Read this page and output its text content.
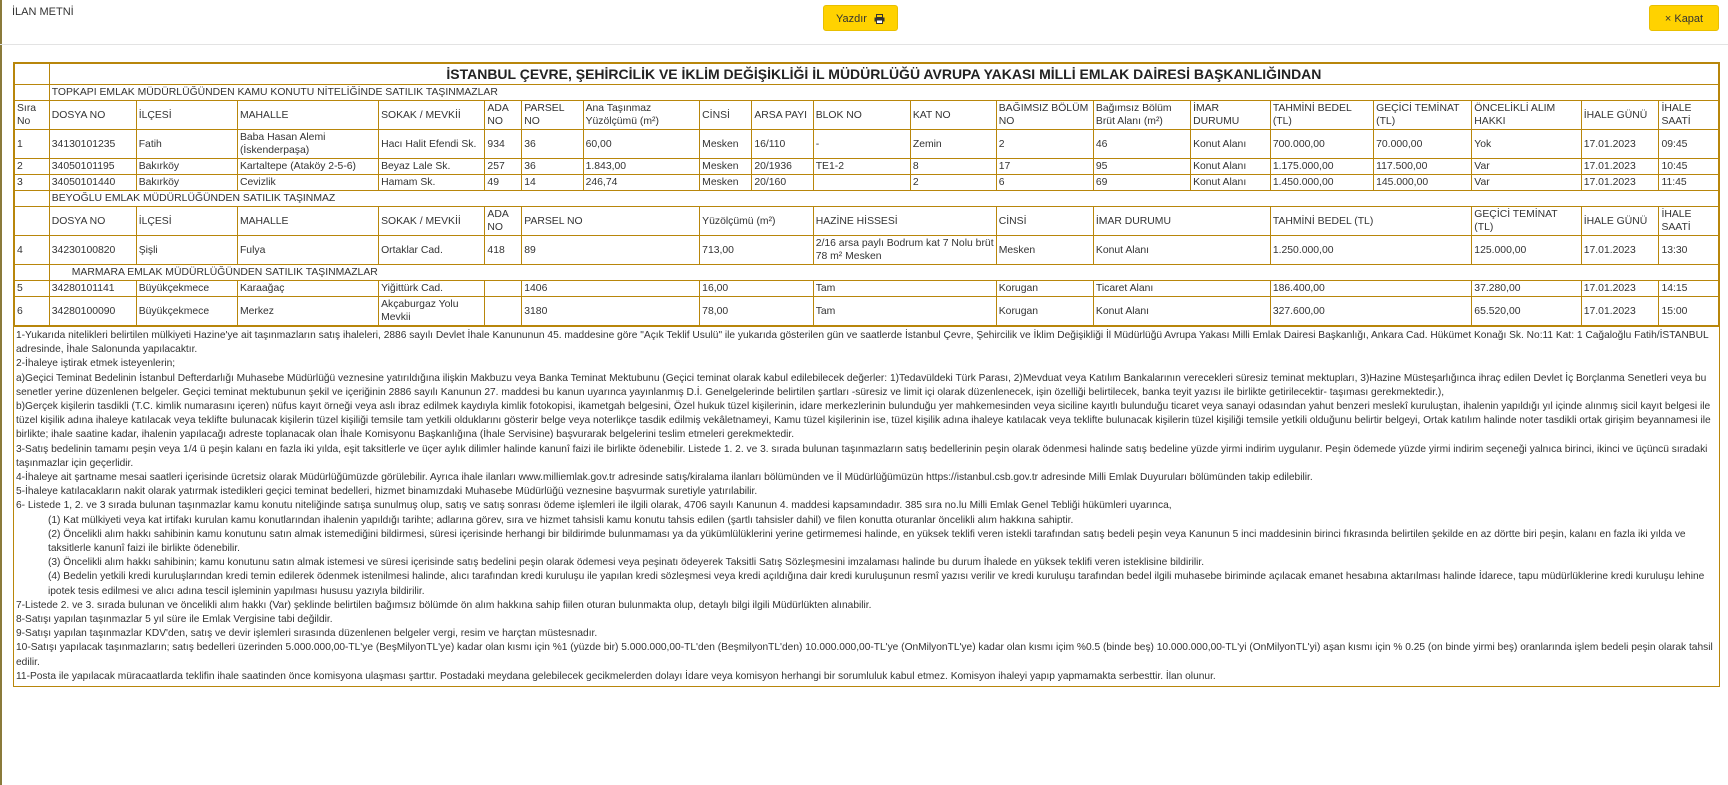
İLAN METNİ
Yazdır	× Kapat
	İSTANBUL ÇEVRE, ŞEHİRCİLİK VE İKLİM DEĞİŞİKLİĞİ İL MÜDÜRLÜĞÜ AVRUPA YAKASI MİLLİ EMLAK DAİRESİ BAŞKANLIĞINDAN																		
	TOPKAPI EMLAK MÜDÜRLÜĞÜNDEN KAMU KONUTU NİTELİĞİNDE SATILIK TAŞINMAZLAR																		
Sıra No	DOSYA NO	İLÇESİ	MAHALLE	SOKAK / MEVKİİ	ADA NO	PARSEL NO	Ana Taşınmaz Yüzölçümü (m²)	CİNSİ	ARSA PAYI	BLOK NO	KAT NO	BAĞIMSIZ BÖLÜM NO	Bağımsız Bölüm Brüt Alanı (m²)	İMAR DURUMU	TAHMİNİ BEDEL (TL)	GEÇİCİ TEMİNAT (TL)	ÖNCELİKLİ ALIM HAKKI	İHALE GÜNÜ	İHALE SAATİ
1	34130101235	Fatih	Baba Hasan Alemi (İskenderpaşa)	Hacı Halit Efendi Sk.	934	36	60,00	Mesken	16/110	-	Zemin	2	46	Konut Alanı	700.000,00	70.000,00	Yok	17.01.2023	09:45
2	34050101195	Bakırköy	Kartaltepe (Ataköy 2-5-6)	Beyaz Lale Sk.	257	36	1.843,00	Mesken	20/1936	TE1-2	8	17	95	Konut Alanı	1.175.000,00	117.500,00	Var	17.01.2023	10:45
3	34050101440	Bakırköy	Cevizlik	Hamam Sk.	49	14	246,74	Mesken	20/160		2	6	69	Konut Alanı	1.450.000,00	145.000,00	Var	17.01.2023	11:45
	BEYOĞLU EMLAK MÜDÜRLÜĞÜNDEN SATILIK TAŞINMAZ																		
	DOSYA NO	İLÇESİ	MAHALLE	SOKAK / MEVKİİ	ADA NO	PARSEL NO		Yüzölçümü (m²)		HAZİNE HİSSESİ		CİNSİ	İMAR DURUMU		TAHMİNİ BEDEL (TL)		GEÇİCİ TEMİNAT (TL)	İHALE GÜNÜ	İHALE SAATİ
4	34230100820	Şişli	Fulya	Ortaklar Cad.	418	89		713,00		2/16 arsa paylı Bodrum kat 7 Nolu brüt 78 m² Mesken		Mesken	Konut Alanı		1.250.000,00		125.000,00	17.01.2023	13:30
	MARMARA EMLAK MÜDÜRLÜĞÜNDEN SATILIK TAŞINMAZLAR																		
5	34280101141	Büyükçekmece	Karaağaç	Yiğittürk Cad.		1406		16,00		Tam		Korugan	Ticaret Alanı		186.400,00		37.280,00	17.01.2023	14:15
6	34280100090	Büyükçekmece	Merkez	Akçaburgaz Yolu Mevkii		3180		78,00		Tam		Korugan	Konut Alanı		327.600,00		65.520,00	17.01.2023	15:00

1-Yukarıda nitelikleri belirtilen mülkiyeti Hazine'ye ait taşınmazların satış ihaleleri, 2886 sayılı Devlet İhale Kanununun 45. maddesine göre "Açık Teklif Usulü" ile yukarıda gösterilen gün ve saatlerde İstanbul Çevre, Şehircilik ve İklim Değişikliği İl Müdürlüğü Avrupa Yakası Milli Emlak Dairesi Başkanlığı, Ankara Cad. Hükümet Konağı Sk. No:11 Kat: 1 Cağaloğlu Fatih/İSTANBUL adresinde, İhale Salonunda yapılacaktır.

2-İhaleye iştirak etmek isteyenlerin;

a)Geçici Teminat Bedelinin İstanbul Defterdarlığı Muhasebe Müdürlüğü veznesine yatırıldığına ilişkin Makbuzu veya Banka Teminat Mektubunu (Geçici teminat olarak kabul edilebilecek değerler: 1)Tedavüldeki Türk Parası, 2)Mevduat veya Katılım Bankalarının verecekleri süresiz teminat mektupları, 3)Hazine Müsteşarlığınca ihraç edilen Devlet İç Borçlanma Senetleri veya bu senetler yerine düzenlenen belgeler. Geçici teminat mektubunun şekil ve içeriğinin 2886 sayılı Kanunun 27. maddesi bu kanun uyarınca yayınlanmış D.İ. Genelgelerinde belirtilen şartları -süresiz ve limit içi olarak düzenlenecek, işin özelliği belirtilecek, banka teyit yazısı ile birlikte getirilecektir- taşıması gerekmektedir.),

b)Gerçek kişilerin tasdikli (T.C. kimlik numarasını içeren) nüfus kayıt örneği veya aslı ibraz edilmek kaydıyla kimlik fotokopisi, ikametgah belgesini, Özel hukuk tüzel kişilerinin, idare merkezlerinin bulunduğu yer mahkemesinden veya siciline kayıtlı bulunduğu ticaret veya sanayi odasından yahut benzeri meslekî kuruluştan, ihalenin yapıldığı yıl içinde alınmış sicil kayıt belgesi ile tüzel kişilik adına ihaleye katılacak veya teklifte bulunacak kişilerin tüzel kişiliği temsile tam yetkili olduklarını gösterir belge veya noterlikçe tasdik edilmiş vekâletnameyi, Kamu tüzel kişilerinin ise, tüzel kişilik adına ihaleye katılacak veya teklifte bulunacak kişilerin tüzel kişiliği temsile yetkili olduğunu belirtir belgeyi, Ortak katılım halinde noter tasdikli ortak girişim beyannamesi ile birlikte; ihale saatine kadar, ihalenin yapılacağı adreste toplanacak olan İhale Komisyonu Başkanlığına (İhale Servisine) başvurarak belgelerini teslim etmeleri gerekmektedir.

3-Satış bedelinin tamamı peşin veya 1/4 ü peşin kalanı en fazla iki yılda, eşit taksitlerle ve üçer aylık dilimler halinde kanunî faizi ile birlikte ödenebilir. Listede 1. 2. ve 3. sırada bulunan taşınmazların satış bedellerinin peşin olarak ödenmesi halinde satış bedeline yüzde yirmi indirim uygulanır. Peşin ödemede yüzde yirmi indirim seçeneği yalnıca birinci, ikinci ve üçüncü sıradaki taşınmazlar için geçerlidir.

4-İhaleye ait şartname mesai saatleri içerisinde ücretsiz olarak Müdürlüğümüzde görülebilir. Ayrıca ihale ilanları www.milliemlak.gov.tr adresinde satış/kiralama ilanları bölümünden ve İl Müdürlüğümüzün https://istanbul.csb.gov.tr adresinde Milli Emlak Duyuruları bölümünden takip edilebilir.

5-İhaleye katılacakların nakit olarak yatırmak istedikleri geçici teminat bedelleri, hizmet binamızdaki Muhasebe Müdürlüğü veznesine başvurmak suretiyle yatırılabilir.

6- Listede 1, 2. ve 3 sırada bulunan taşınmazlar kamu konutu niteliğinde satışa sunulmuş olup, satış ve satış sonrası ödeme işlemleri ile ilgili olarak, 4706 sayılı Kanunun 4. maddesi kapsamındadır. 385 sıra no.lu Milli Emlak Genel Tebliği hükümleri uyarınca,

(1) Kat mülkiyeti veya kat irtifakı kurulan kamu konutlarından ihalenin yapıldığı tarihte; adlarına görev, sıra ve hizmet tahsisli kamu konutu tahsis edilen (şartlı tahsisler dahil) ve filen konutta oturanlar öncelikli alım hakkına sahiptir.

(2) Öncelikli alım hakkı sahibinin kamu konutunu satın almak istemediğini bildirmesi, süresi içerisinde herhangi bir bildirimde bulunmaması ya da yükümlülüklerini yerine getirmemesi halinde, en yüksek teklifi veren istekli tarafından satış bedeli peşin veya Kanunun 5 inci maddesinin birinci fıkrasında belirtilen şekilde en az dörtte biri peşin, kalanı en fazla iki yılda ve taksitlerle kanunî faizi ile birlikte ödenebilir.

(3) Öncelikli alım hakkı sahibinin; kamu konutunu satın almak istemesi ve süresi içerisinde satış bedelini peşin olarak ödemesi veya peşinatı ödeyerek Taksitli Satış Sözleşmesini imzalaması halinde bu durum İhalede en yüksek teklifi veren isteklisine bildirilir.

(4) Bedelin yetkili kredi kuruluşlarından kredi temin edilerek ödenmek istenilmesi halinde, alıcı tarafından kredi kuruluşu ile yapılan kredi sözleşmesi veya kredi açıldığına dair kredi kuruluşunun resmî yazısı verilir ve kredi kuruluşu tarafından bedel ilgili muhasebe biriminde açılacak emanet hesabına aktarılması halinde İdarece, tapu müdürlüklerine kredi kuruluşu lehine ipotek tesis edilmesi ve alıcı adına tescil işleminin yapılması hususu yazıyla bildirilir.

7-Listede 2. ve 3. sırada bulunan ve öncelikli alım hakkı (Var) şeklinde belirtilen bağımsız bölümde ön alım hakkına sahip fiilen oturan bulunmakta olup, detaylı bilgi ilgili Müdürlükten alınabilir.

8-Satışı yapılan taşınmazlar 5 yıl süre ile Emlak Vergisine tabi değildir.

9-Satışı yapılan taşınmazlar KDV'den, satış ve devir işlemleri sırasında düzenlenen belgeler vergi, resim ve harçtan müstesnadır.

10-Satışı yapılacak taşınmazların; satış bedelleri üzerinden 5.000.000,00-TL'ye (BeşMilyonTL'ye) kadar olan kısmı için %1 (yüzde bir) 5.000.000,00-TL'den (BeşmilyonTL'den) 10.000.000,00-TL'ye (OnMilyonTL'ye) kadar olan kısmı içim %0.5 (binde beş) 10.000.000,00-TL'yi (OnMilyonTL'yi) aşan kısmı için % 0.25 (on binde yirmi beş) oranlarında işlem bedeli peşin olarak tahsil edilir.

11-Posta ile yapılacak müracaatlarda teklifin ihale saatinden önce komisyona ulaşması şarttır. Postadaki meydana gelebilecek gecikmelerden dolayı İdare veya komisyon herhangi bir sorumluluk kabul etmez. Komisyon ihaleyi yapıp yapmamakta serbesttir. İlan olunur.
